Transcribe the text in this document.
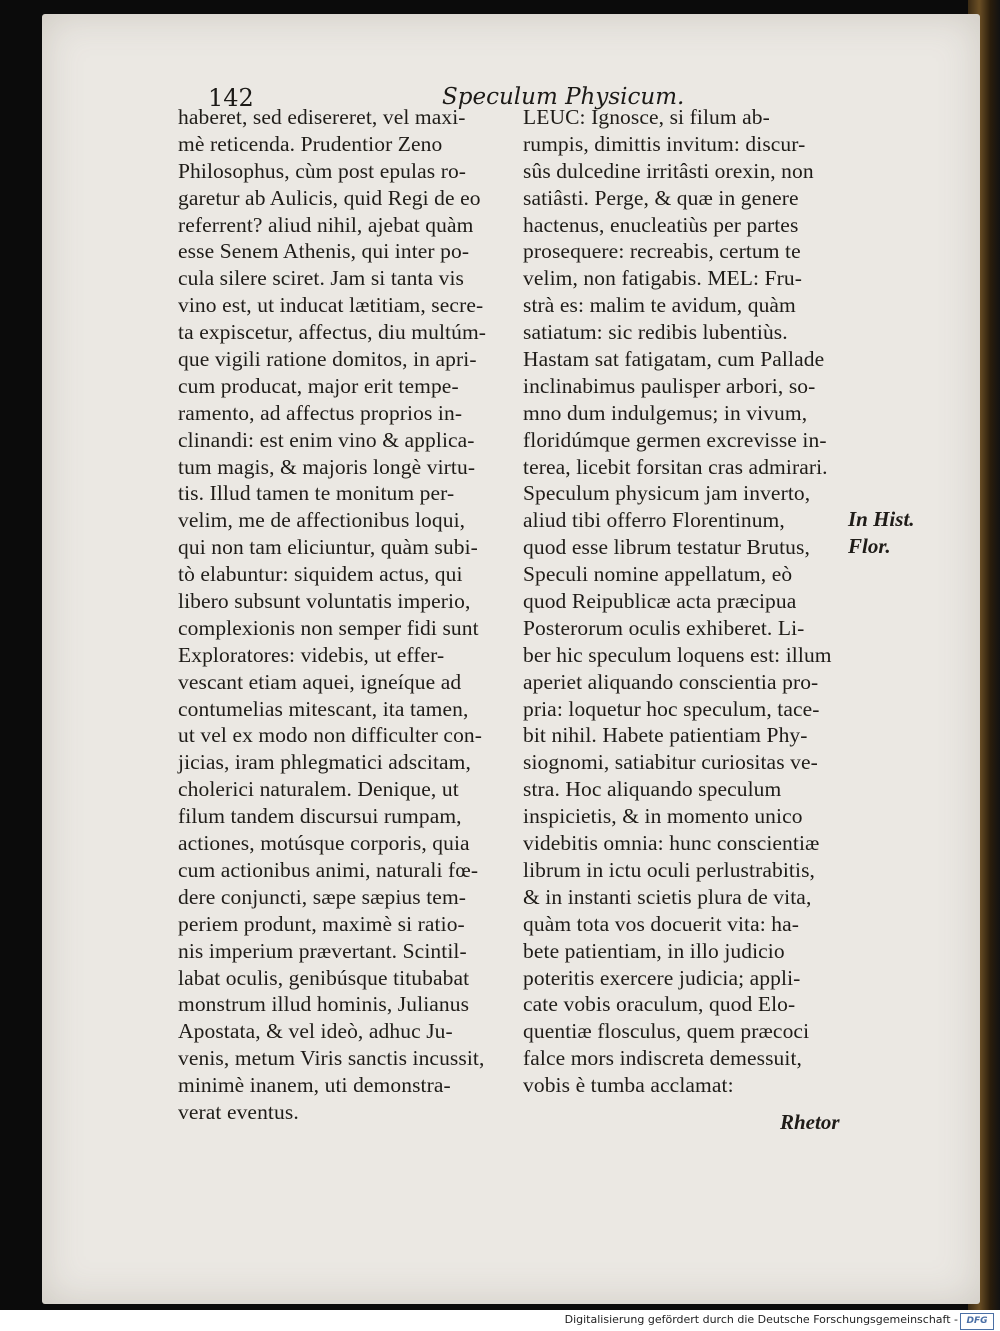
142	Speculum Physicum.
haberet, sed edisereret, vel maxi-
mè reticenda. Prudentior Zeno
Philosophus, cùm post epulas ro-
garetur ab Aulicis, quid Regi de eo
referrent? aliud nihil, ajebat quàm
esse Senem Athenis, qui inter po-
cula silere sciret. Jam si tanta vis
vino est, ut inducat lætitiam, secre-
ta expiscetur, affectus, diu multúm-
que vigili ratione domitos, in apri-
cum producat, major erit tempe-
ramento, ad affectus proprios in-
clinandi: est enim vino & applica-
tum magis, & majoris longè virtu-
tis. Illud tamen te monitum per-
velim, me de affectionibus loqui,
qui non tam eliciuntur, quàm subi-
tò elabuntur: siquidem actus, qui
libero subsunt voluntatis imperio,
complexionis non semper fidi sunt
Exploratores: videbis, ut effer-
vescant etiam aquei, igneíque ad
contumelias mitescant, ita tamen,
ut vel ex modo non difficulter con-
jicias, iram phlegmatici adscitam,
cholerici naturalem. Denique, ut
filum tandem discursui rumpam,
actiones, motúsque corporis, quia
cum actionibus animi, naturali fœ-
dere conjuncti, sæpe sæpius tem-
periem produnt, maximè si ratio-
nis imperium prævertant. Scintil-
labat oculis, genibúsque titubabat
monstrum illud hominis, Julianus
Apostata, & vel ideò, adhuc Ju-
venis, metum Viris sanctis incussit,
minimè inanem, uti demonstra-
verat eventus.
LEUC: Ignosce, si filum ab-
rumpis, dimittis invitum: discur-
sûs dulcedine irritâsti orexin, non
satiâsti. Perge, & quæ in genere
hactenus, enucleatiùs per partes
prosequere: recreabis, certum te
velim, non fatigabis. MEL: Fru-
strà es: malim te avidum, quàm
satiatum: sic redibis lubentiùs.
Hastam sat fatigatam, cum Pallade
inclinabimus paulisper arbori, so-
mno dum indulgemus; in vivum,
floridúmque germen excrevisse in-
terea, licebit forsitan cras admirari.
Speculum physicum jam inverto,
aliud tibi offerro Florentinum,
quod esse librum testatur Brutus,
Speculi nomine appellatum, eò
quod Reipublicæ acta præcipua
Posterorum oculis exhiberet. Li-
ber hic speculum loquens est: illum
aperiet aliquando conscientia pro-
pria: loquetur hoc speculum, tace-
bit nihil. Habete patientiam Phy-
siognomi, satiabitur curiositas ve-
stra. Hoc aliquando speculum
inspicietis, & in momento unico
videbitis omnia: hunc conscientiæ
librum in ictu oculi perlustrabitis,
& in instanti scietis plura de vita,
quàm tota vos docuerit vita: ha-
bete patientiam, in illo judicio
poteritis exercere judicia; appli-
cate vobis oraculum, quod Elo-
quentiæ flosculus, quem præcoci
falce mors indiscreta demessuit,
vobis è tumba acclamat:
In Hist.
Flor.
Rhetor
Digitalisierung gefördert durch die Deutsche Forschungsgemeinschaft - DFG
